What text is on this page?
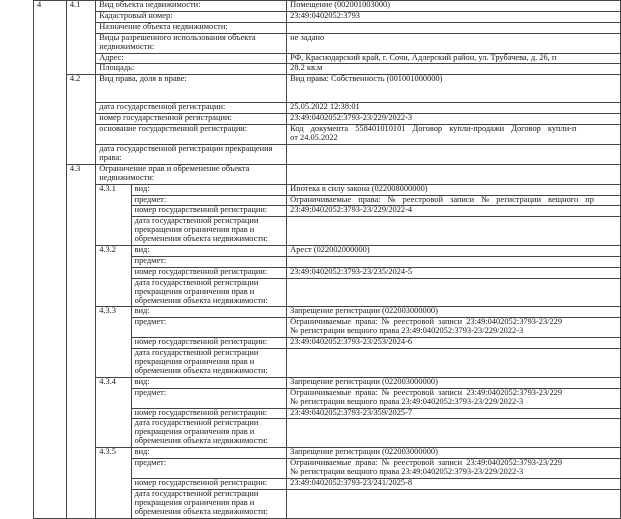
4	4.1	Вид объекта недвижимости:		Помещение (002001003000)
		Кадастровый номер:		23:49:0402052:3793
		Назначение объекта недвижимости:		
		Виды разрешенного использования объекта недвижимости:		не задано
		Адрес:		РФ, Краснодарский край, г. Сочи, Адлерский район, ул. Трубачева, д. 26, п
		Площадь:		28.2 кв.м
	4.2	Вид права, доля в праве:		Вид права: Собственность (001001000000)
		дата государственной регистрации:		25.05.2022 12:38:01
		номер государственной регистрации:		23:49:0402052:3793-23/229/2022-3
		основание государственной регистрации:		Код документа 558401010101 Договор купли-продажи Договор купли-п
от 24.05.2022

		дата государственной регистрации прекращения права:		
	4.3	Ограничение прав и обременение объекта недвижимости:		
		4.3.1	вид:	Ипотека в силу закона (022008000000)
			предмет:	Ограничиваемые права: № реестровой записи № регистрации вещного пр

			номер государственной регистрации:	23:49:0402052:3793-23/229/2022-4
			дата государственной регистрации прекращения ограничения прав и обременения объекта недвижимости:	
		4.3.2	вид:	Арест (022002000000)
			предмет:	
			номер государственной регистрации:	23:49:0402052:3793-23/235/2024-5
			дата государственной регистрации прекращения ограничения прав и обременения объекта недвижимости:	
		4.3.3	вид:	Запрещение регистрации (022003000000)
			предмет:	Ограничиваемые права: № реестровой записи 23:49:0402052:3793-23/229
№ регистрации вещного права 23:49:0402052:3793-23/229/2022-3

			номер государственной регистрации:	23:49:0402052:3793-23/253/2024-6
			дата государственной регистрации прекращения ограничения прав и обременения объекта недвижимости:	
		4.3.4	вид:	Запрещение регистрации (022003000000)
			предмет:	Ограничиваемые права: № реестровой записи 23:49:0402052:3793-23/229
№ регистрации вещного права 23:49:0402052:3793-23/229/2022-3

			номер государственной регистрации:	23:49:0402052:3793-23/359/2025-7
			дата государственной регистрации прекращения ограничения прав и обременения объекта недвижимости:	
		4.3.5	вид:	Запрещение регистрации (022003000000)
			предмет:	Ограничиваемые права: № реестровой записи 23:49:0402052:3793-23/229
№ регистрации вещного права 23:49:0402052:3793-23/229/2022-3

			номер государственной регистрации:	23:49:0402052:3793-23/241/2025-8
			дата государственной регистрации прекращения ограничения прав и обременения объекта недвижимости:	
